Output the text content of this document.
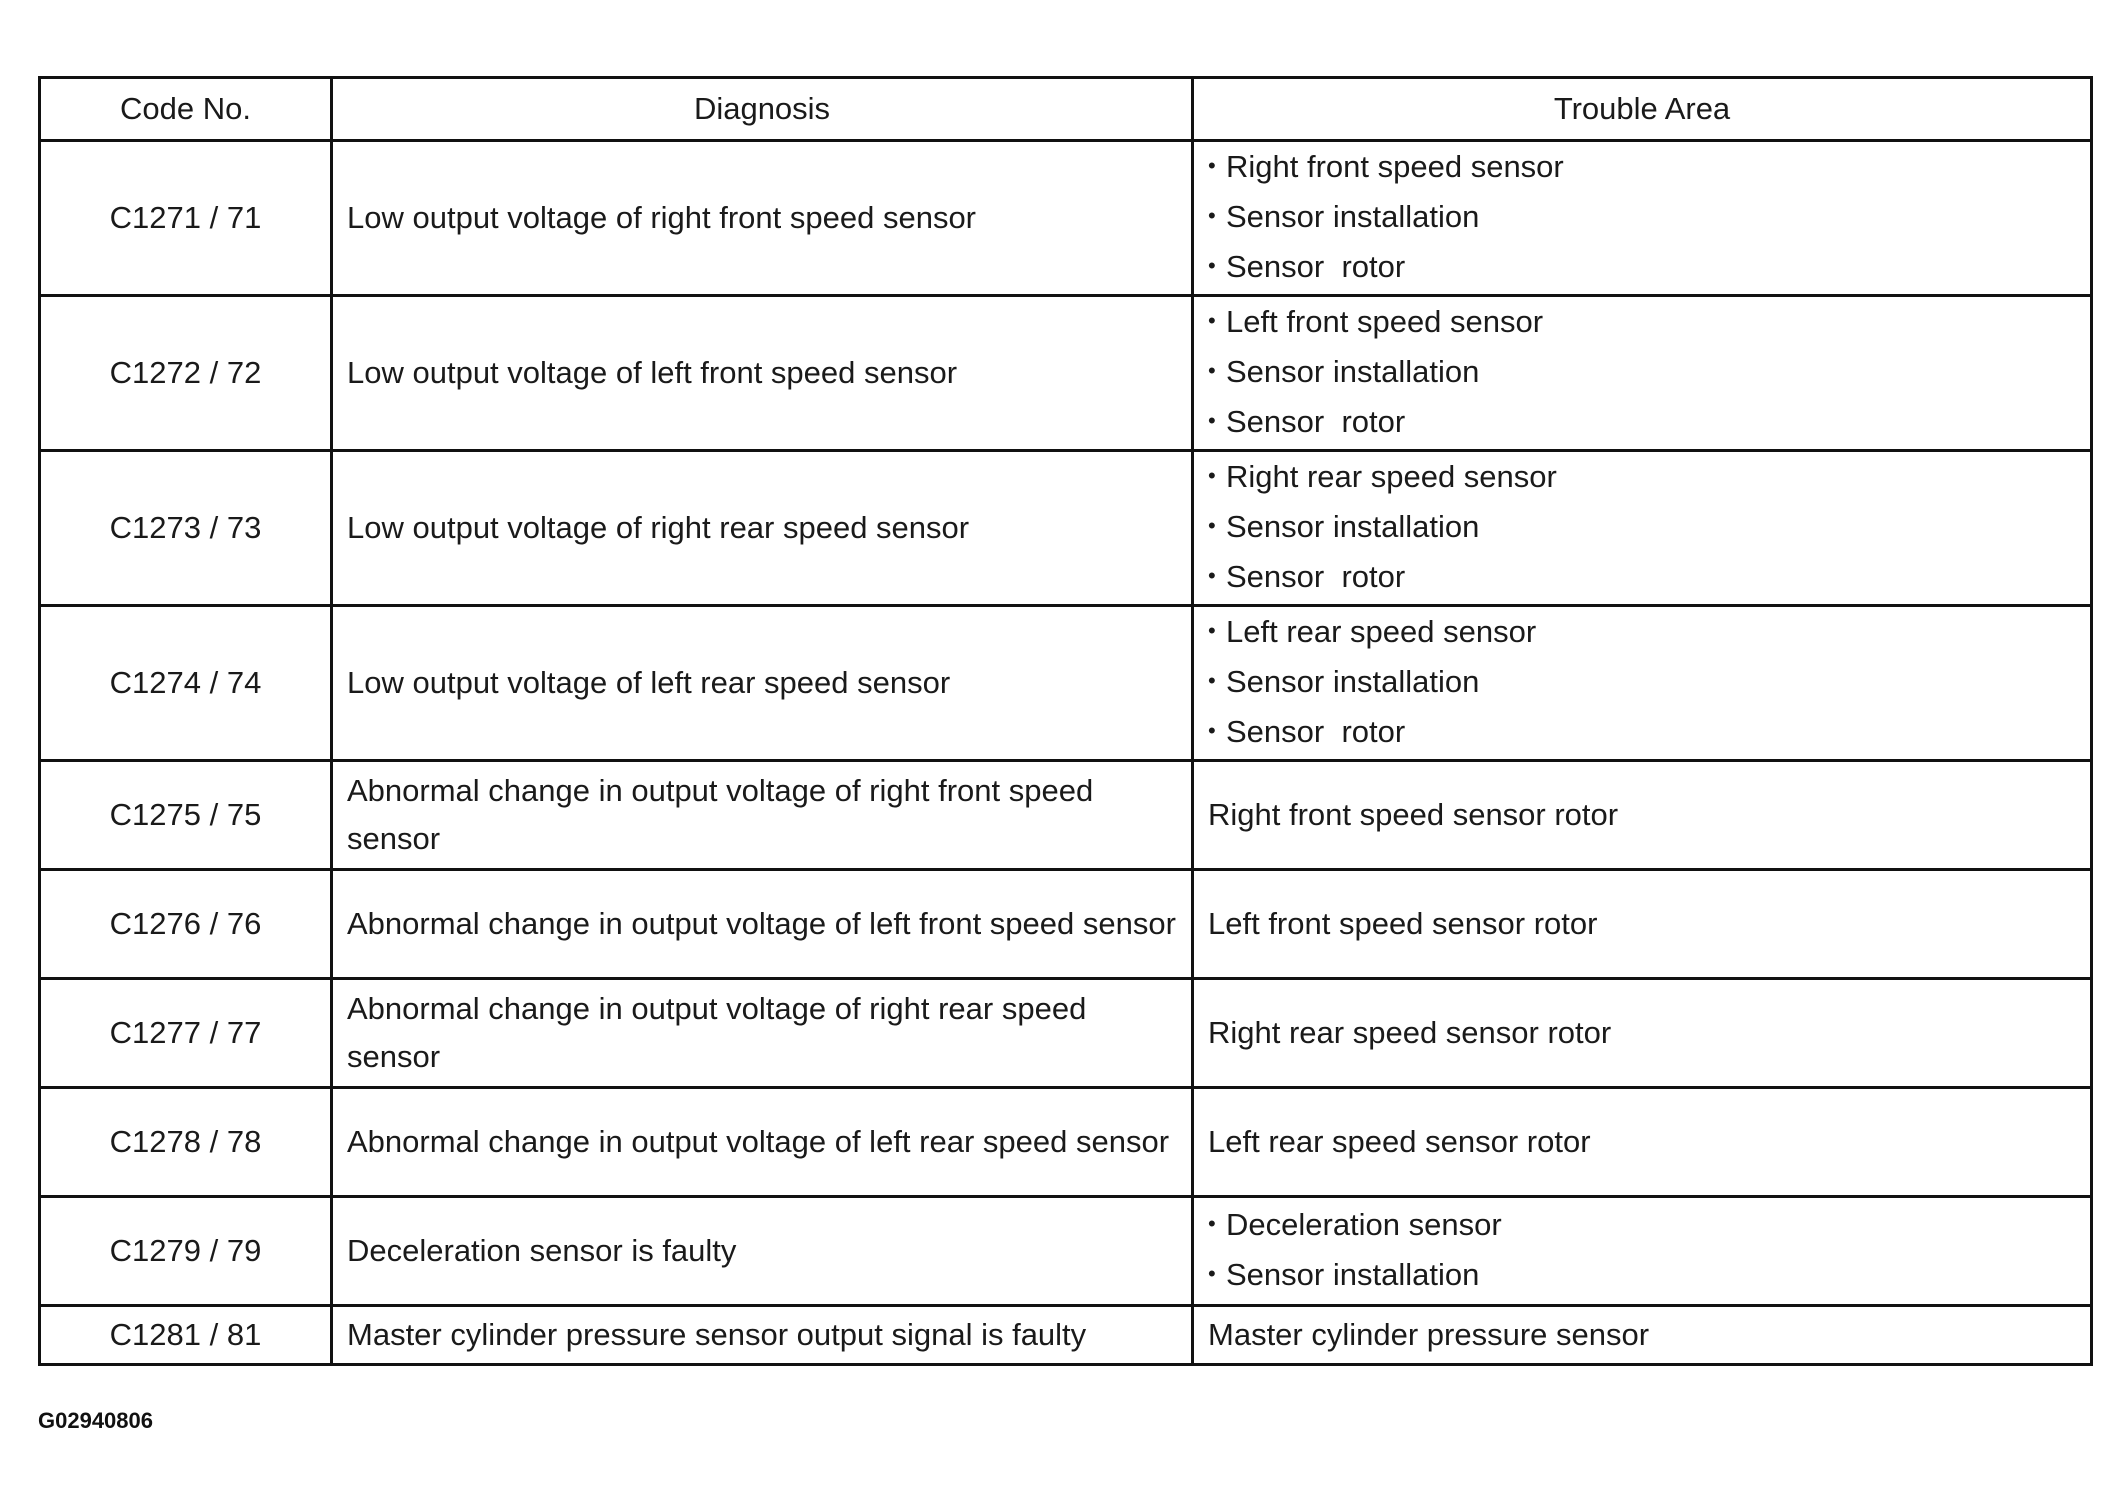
Code No.	Diagnosis	Trouble Area
C1271 / 71	Low output voltage of right front speed sensor	• Right front speed sensor
• Sensor installation
• Sensor  rotor

C1272 / 72	Low output voltage of left front speed sensor	• Left front speed sensor
• Sensor installation
• Sensor  rotor

C1273 / 73	Low output voltage of right rear speed sensor	• Right rear speed sensor
• Sensor installation
• Sensor  rotor

C1274 / 74	Low output voltage of left rear speed sensor	• Left rear speed sensor
• Sensor installation
• Sensor  rotor

C1275 / 75	Abnormal change in output voltage of right front speed sensor	Right front speed sensor rotor
C1276 / 76	Abnormal change in output voltage of left front speed sensor	Left front speed sensor rotor
C1277 / 77	Abnormal change in output voltage of right rear speed sensor	Right rear speed sensor rotor
C1278 / 78	Abnormal change in output voltage of left rear speed sensor	Left rear speed sensor rotor
C1279 / 79	Deceleration sensor is faulty	• Deceleration sensor
• Sensor installation

C1281 / 81	Master cylinder pressure sensor output signal is faulty	Master cylinder pressure sensor
G02940806
